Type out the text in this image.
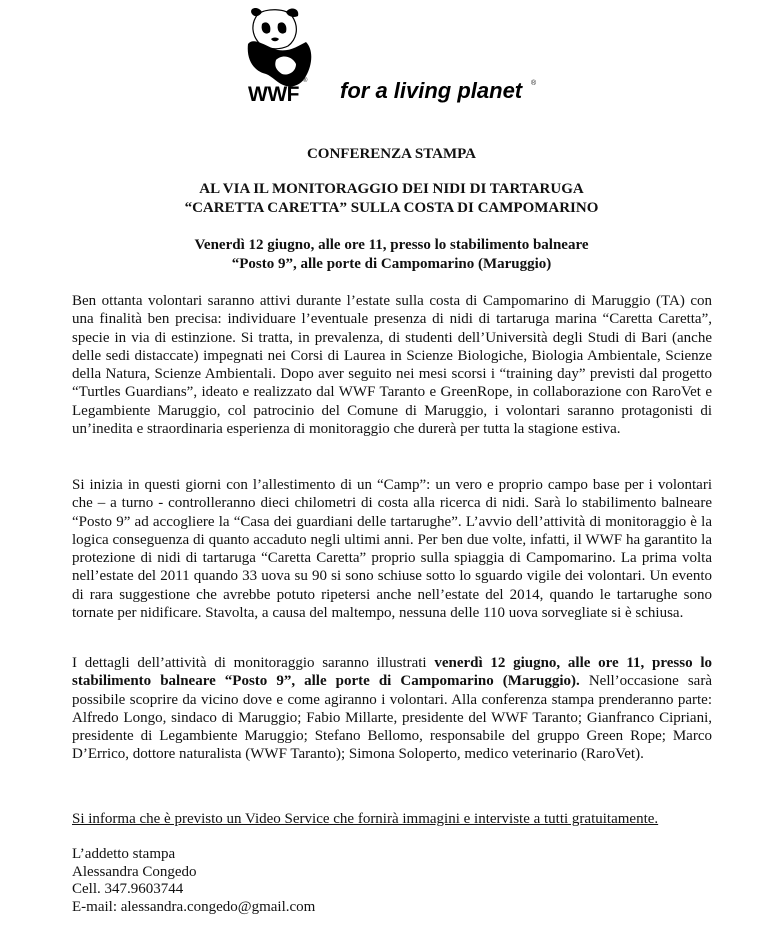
®
WWF for a living planet ®
CONFERENZA STAMPA
AL VIA IL MONITORAGGIO DEI NIDI DI TARTARUGA
“CARETTA CARETTA” SULLA COSTA DI CAMPOMARINO
Venerdì 12 giugno, alle ore 11, presso lo stabilimento balneare
“Posto 9”, alle porte di Campomarino (Maruggio)

Ben ottanta volontari saranno attivi durante l’estate sulla costa di Campomarino di Maruggio (TA) con una finalità ben precisa: individuare l’eventuale presenza di nidi di tartaruga marina “Caretta Caretta”, specie in via di estinzione. Si tratta, in prevalenza, di studenti dell’Università degli Studi di Bari (anche delle sedi distaccate) impegnati nei Corsi di Laurea in Scienze Biologiche, Biologia Ambientale, Scienze della Natura, Scienze Ambientali. Dopo aver seguito nei mesi scorsi i “training day” previsti dal progetto “Turtles Guardians”, ideato e realizzato dal WWF Taranto e GreenRope, in collaborazione con RaroVet e Legambiente Maruggio, col patrocinio del Comune di Maruggio, i volontari saranno protagonisti di un’inedita e straordinaria esperienza di monitoraggio che durerà per tutta la stagione estiva.

Si inizia in questi giorni con l’allestimento di un “Camp”: un vero e proprio campo base per i volontari che – a turno - controlleranno dieci chilometri di costa alla ricerca di nidi. Sarà lo stabilimento balneare “Posto 9” ad accogliere la “Casa dei guardiani delle tartarughe”. L’avvio dell’attività di monitoraggio è la logica conseguenza di quanto accaduto negli ultimi anni. Per ben due volte, infatti, il WWF ha garantito la protezione di nidi di tartaruga “Caretta Caretta” proprio sulla spiaggia di Campomarino. La prima volta nell’estate del 2011 quando 33 uova su 90 si sono schiuse sotto lo sguardo vigile dei volontari. Un evento di rara suggestione che avrebbe potuto ripetersi anche nell’estate del 2014, quando le tartarughe sono tornate per nidificare. Stavolta, a causa del maltempo, nessuna delle 110 uova sorvegliate si è schiusa.

I dettagli dell’attività di monitoraggio saranno illustrati venerdì 12 giugno, alle ore 11, presso lo stabilimento balneare “Posto 9”, alle porte di Campomarino (Maruggio). Nell’occasione sarà possibile scoprire da vicino dove e come agiranno i volontari. Alla conferenza stampa prenderanno parte: Alfredo Longo, sindaco di Maruggio; Fabio Millarte, presidente del WWF Taranto; Gianfranco Cipriani, presidente di Legambiente Maruggio; Stefano Bellomo, responsabile del gruppo Green Rope; Marco D’Errico, dottore naturalista (WWF Taranto); Simona Soloperto, medico veterinario (RaroVet).

Si informa che è previsto un Video Service che fornirà immagini e interviste a tutti gratuitamente.

L’addetto stampa
Alessandra Congedo
Cell. 347.9603744
E-mail: alessandra.congedo@gmail.com
